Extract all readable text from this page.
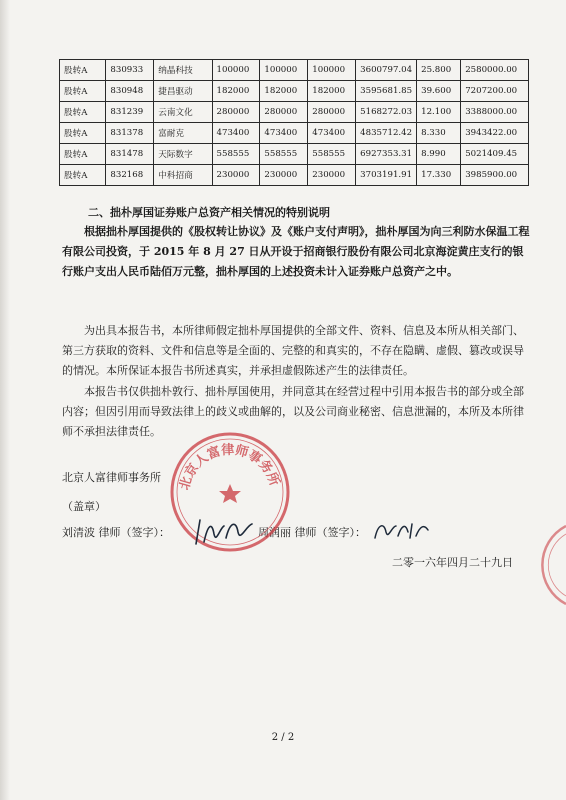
股转A	830933	纳晶科技	100000	100000	100000	3600797.04	25.800	2580000.00
股转A	830948	捷昌驱动	182000	182000	182000	3595681.85	39.600	7207200.00
股转A	831239	云南文化	280000	280000	280000	5168272.03	12.100	3388000.00
股转A	831378	富耐克	473400	473400	473400	4835712.42	8.330	3943422.00
股转A	831478	天际数字	558555	558555	558555	6927353.31	8.990	5021409.45
股转A	832168	中科招商	230000	230000	230000	3703191.91	17.330	3985900.00
二、拙朴厚国证券账户总资产相关情况的特别说明
根据拙朴厚国提供的《股权转让协议》及《账户支付声明》，拙朴厚国为向三利防水保温工程有限公司投资，于 2015 年 8 月 27 日从开设于招商银行股份有限公司北京海淀黄庄支行的银行账户支出人民币陆佰万元整，拙朴厚国的上述投资未计入证券账户总资产之中。
为出具本报告书，本所律师假定拙朴厚国提供的全部文件、资料、信息及本所从相关部门、第三方获取的资料、文件和信息等是全面的、完整的和真实的，不存在隐瞒、虚假、篡改或误导的情况。本所保证本报告书所述真实，并承担虚假陈述产生的法律责任。
本报告书仅供拙朴敦行、拙朴厚国使用，并同意其在经营过程中引用本报告书的部分或全部内容；但因引用而导致法律上的歧义或曲解的，以及公司商业秘密、信息泄漏的，本所及本所律师不承担法律责任。
北京人富律师事务所
（盖章）
刘清波 律师（签字）：	周润丽 律师（签字）：
二零一六年四月二十九日
北京人富律师事务所
2 / 2
